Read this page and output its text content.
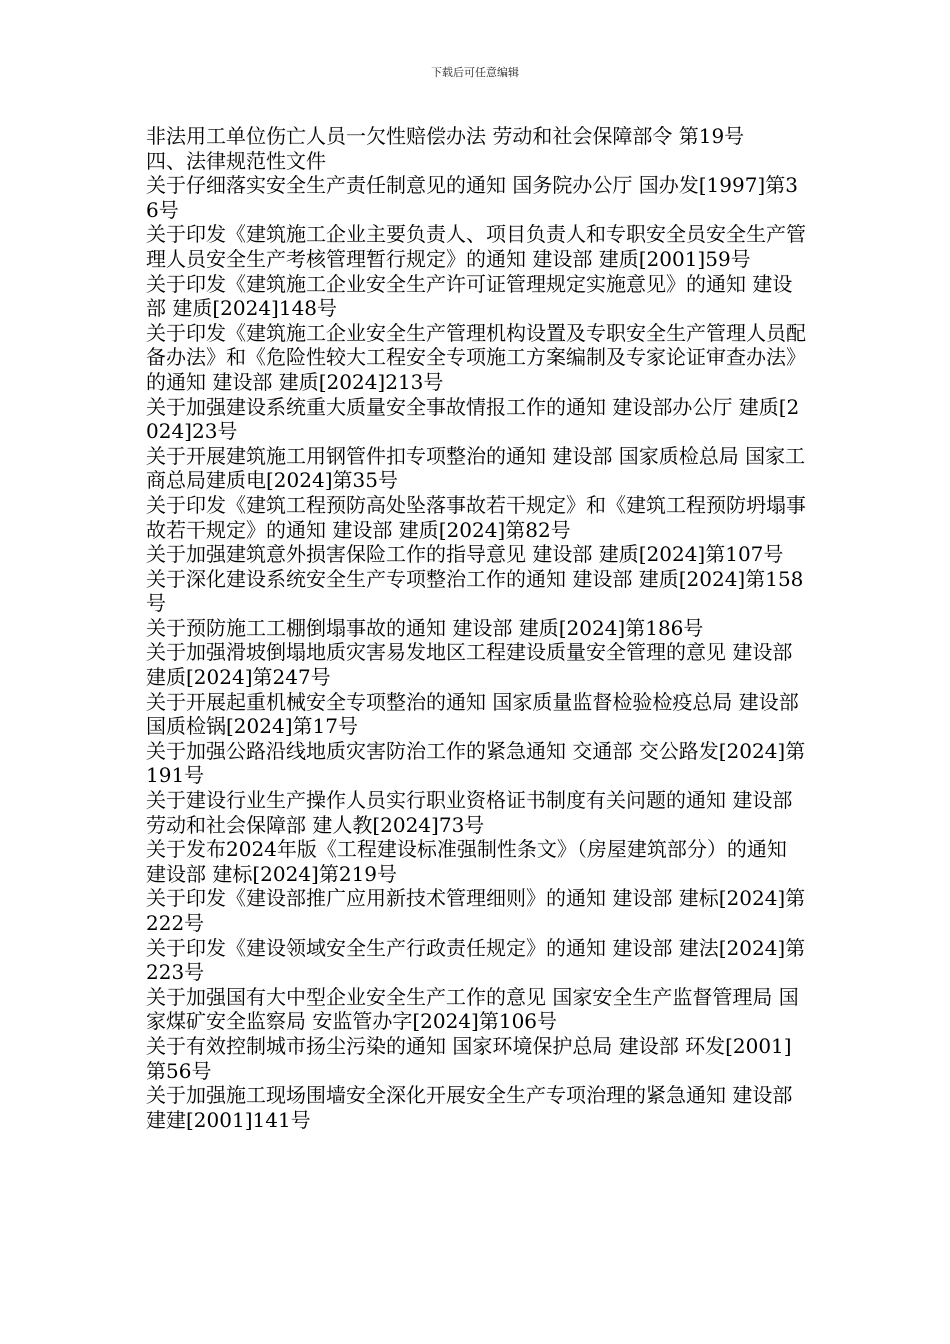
下载后可任意编辑

非法用工单位伤亡人员一欠性赔偿办法 劳动和社会保障部令 第19号

四、法律规范性文件

关于仔细落实安全生产责任制意见的通知 国务院办公厅 国办发[1997]第36号

关于印发《建筑施工企业主要负责人、项目负责人和专职安全员安全生产管理人员安全生产考核管理暂行规定》的通知 建设部 建质[2001]59号

关于印发《建筑施工企业安全生产许可证管理规定实施意见》的通知 建设部 建质[2024]148号

关于印发《建筑施工企业安全生产管理机构设置及专职安全生产管理人员配备办法》和《危险性较大工程安全专项施工方案编制及专家论证审查办法》的通知 建设部 建质[2024]213号

关于加强建设系统重大质量安全事故情报工作的通知 建设部办公厅 建质[2024]23号

关于开展建筑施工用钢管件扣专项整治的通知 建设部 国家质检总局 国家工商总局建质电[2024]第35号

关于印发《建筑工程预防高处坠落事故若干规定》和《建筑工程预防坍塌事故若干规定》的通知 建设部 建质[2024]第82号

关于加强建筑意外损害保险工作的指导意见 建设部 建质[2024]第107号

关于深化建设系统安全生产专项整治工作的通知 建设部 建质[2024]第158号

关于预防施工工棚倒塌事故的通知 建设部 建质[2024]第186号

关于加强滑坡倒塌地质灾害易发地区工程建设质量安全管理的意见 建设部 建质[2024]第247号

关于开展起重机械安全专项整治的通知 国家质量监督检验检疫总局 建设部 国质检锅[2024]第17号

关于加强公路沿线地质灾害防治工作的紧急通知 交通部 交公路发[2024]第191号

关于建设行业生产操作人员实行职业资格证书制度有关问题的通知 建设部 劳动和社会保障部 建人教[2024]73号

关于发布2024年版《工程建设标准强制性条文》（房屋建筑部分）的通知 建设部 建标[2024]第219号

关于印发《建设部推广应用新技术管理细则》的通知 建设部 建标[2024]第222号

关于印发《建设领域安全生产行政责任规定》的通知 建设部 建法[2024]第223号

关于加强国有大中型企业安全生产工作的意见 国家安全生产监督管理局 国家煤矿安全监察局 安监管办字[2024]第106号

关于有效控制城市扬尘污染的通知 国家环境保护总局 建设部 环发[2001]第56号

关于加强施工现场围墙安全深化开展安全生产专项治理的紧急通知 建设部 建建[2001]141号
